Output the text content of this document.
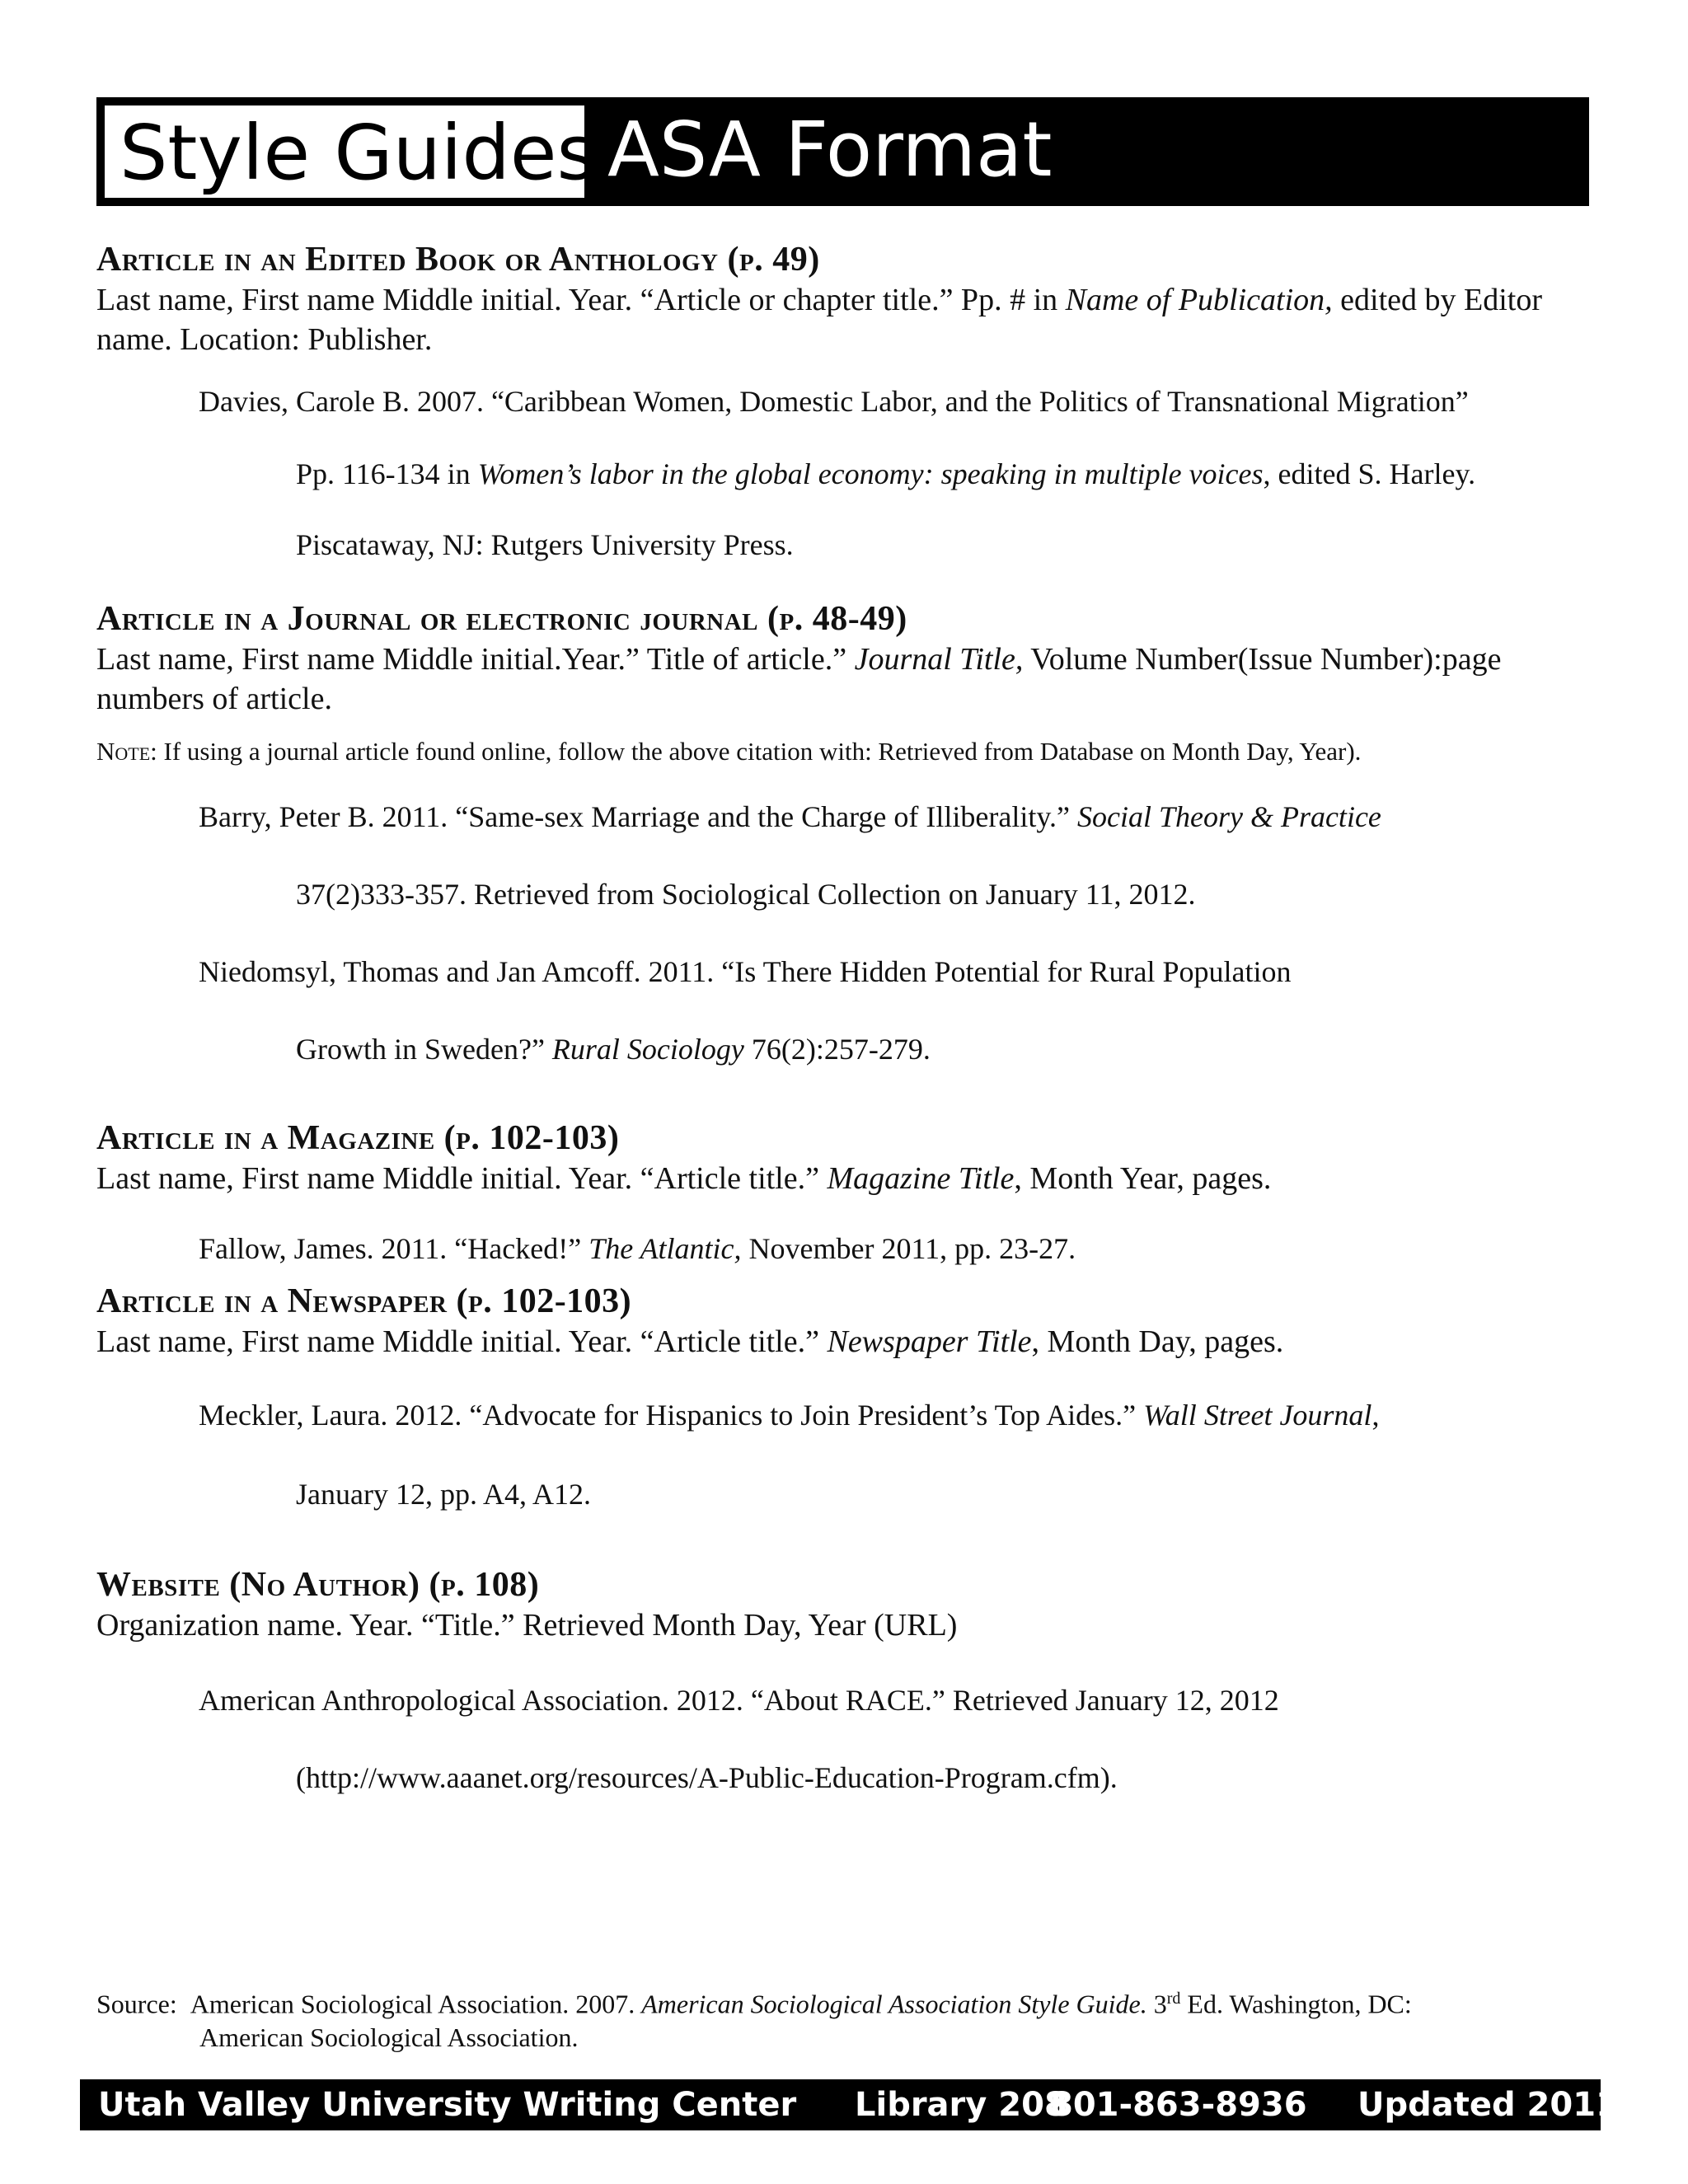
Style Guides ASA Format

Article in an Edited Book or Anthology (p. 49)

Last name, First name Middle initial. Year. “Article or chapter title.” Pp. # in Name of Publication, edited by Editor name. Location: Publisher.

Davies, Carole B. 2007. “Caribbean Women, Domestic Labor, and the Politics of Transnational Migration”

Pp. 116-134 in Women’s labor in the global economy: speaking in multiple voices, edited S. Harley.

Piscataway, NJ: Rutgers University Press.

Article in a Journal or electronic journal (p. 48-49)

Last name, First name Middle initial.Year.” Title of article.” Journal Title, Volume Number(Issue Number):page numbers of article.

Note: If using a journal article found online, follow the above citation with: Retrieved from Database on Month Day, Year).

Barry, Peter B. 2011. “Same-sex Marriage and the Charge of Illiberality.” Social Theory & Practice

37(2)333-357. Retrieved from Sociological Collection on January 11, 2012.

Niedomsyl, Thomas and Jan Amcoff. 2011. “Is There Hidden Potential for Rural Population

Growth in Sweden?” Rural Sociology 76(2):257-279.

Article in a Magazine (p. 102-103)

Last name, First name Middle initial. Year. “Article title.” Magazine Title, Month Year, pages.

Fallow, James. 2011. “Hacked!” The Atlantic, November 2011, pp. 23-27.

Article in a Newspaper (p. 102-103)

Last name, First name Middle initial. Year. “Article title.” Newspaper Title, Month Day, pages.

Meckler, Laura. 2012. “Advocate for Hispanics to Join President’s Top Aides.” Wall Street Journal,

January 12, pp. A4, A12.

Website (No Author) (p. 108)

Organization name. Year. “Title.” Retrieved Month Day, Year (URL)

American Anthropological Association. 2012. “About RACE.” Retrieved January 12, 2012

(http://www.aaanet.org/resources/A-Public-Education-Program.cfm).

Source: American Sociological Association. 2007. American Sociological Association Style Guide. 3rd Ed. Washington, DC:
American Sociological Association.
Utah Valley University Writing Center Library 208
801-863-8936 Updated 2011
